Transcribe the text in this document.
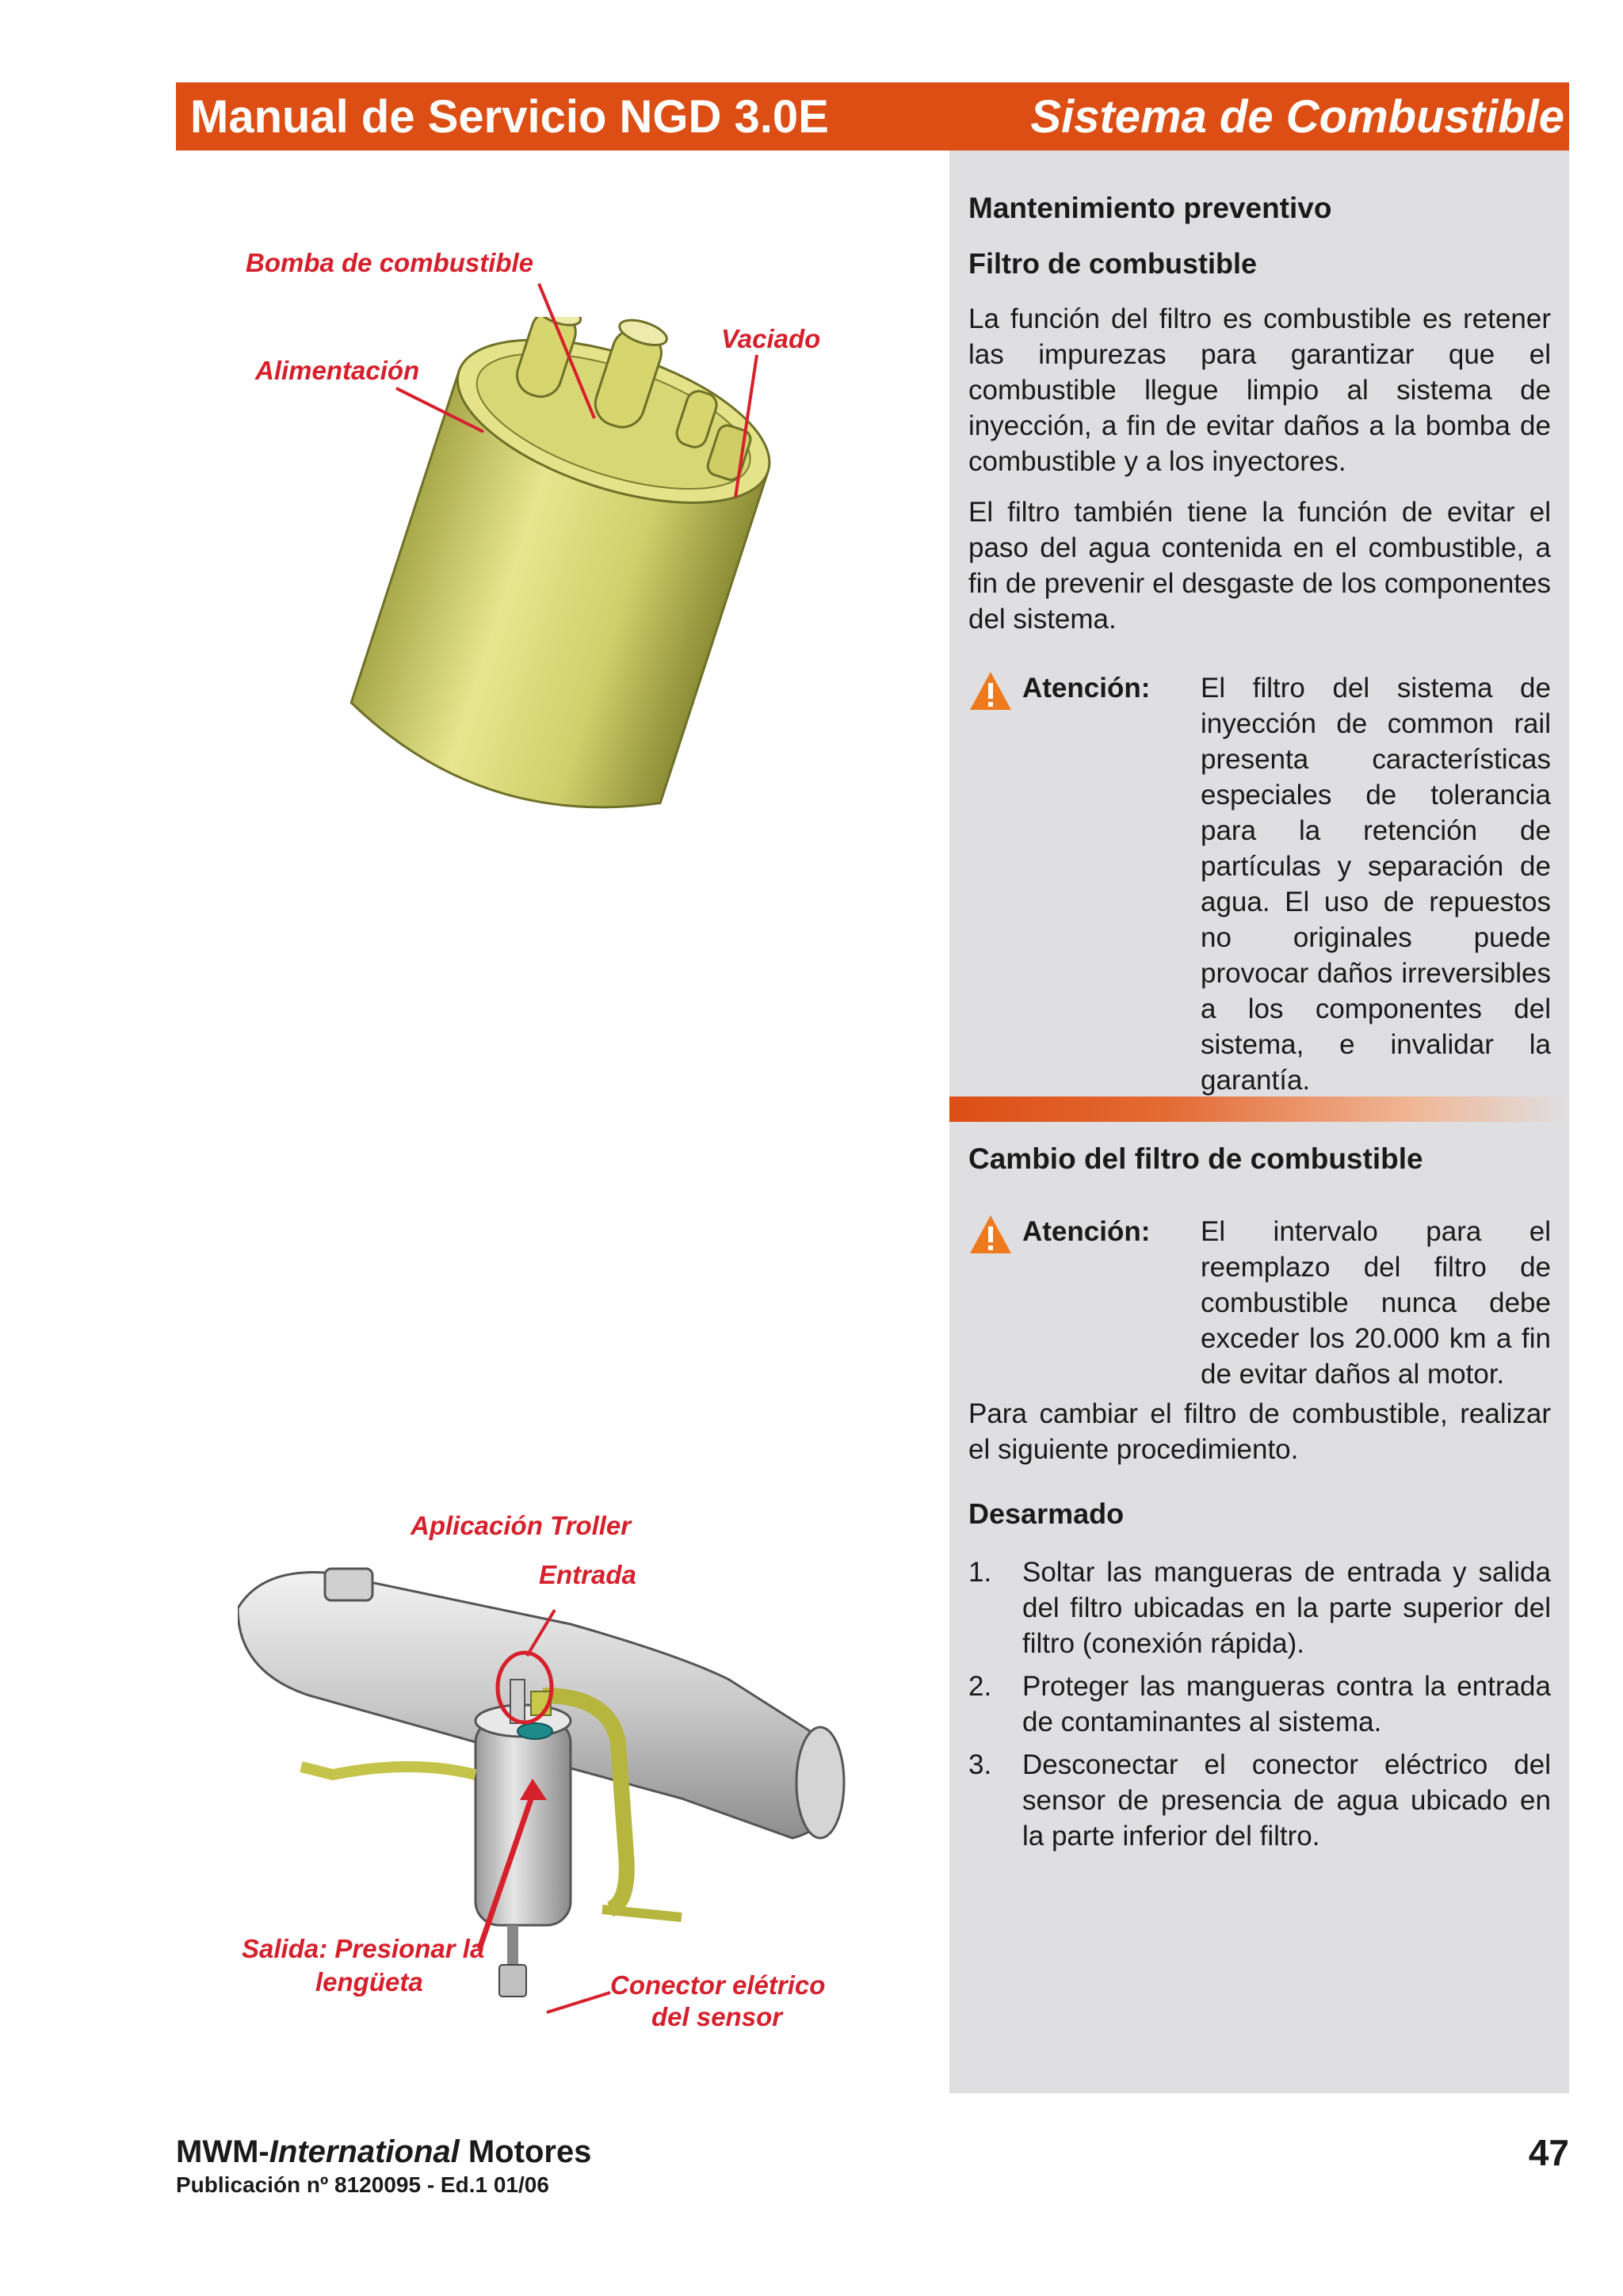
Manual de Servicio NGD 3.0E	Sistema de Combustible
Mantenimiento preventivo
Filtro de combustible
La función del filtro es combustible es retener las impurezas para garantizar que el combustible llegue limpio al sistema de inyección, a fin de evitar daños a la bomba de combustible y a los inyectores.
El filtro también tiene la función de evitar el paso del agua contenida en el combustible, a fin de prevenir el desgaste de los componentes del sistema.
Atención: El filtro del sistema de inyección de common rail presenta características especiales de tolerancia para la retención de partículas y separación de agua. El uso de repuestos no originales puede provocar daños irreversibles a los componentes del sistema, e invalidar la garantía.
Cambio del filtro de combustible
Atención: El intervalo para el reemplazo del filtro de combustible nunca debe exceder los 20.000 km a fin de evitar daños al motor.
Para cambiar el filtro de combustible, realizar el siguiente procedimiento.
Desarmado
1. Soltar las mangueras de entrada y salida del filtro ubicadas en la parte superior del filtro (conexión rápida).
2. Proteger las mangueras contra la entrada de contaminantes al sistema.
3. Desconectar el conector eléctrico del sensor de presencia de agua ubicado en la parte inferior del filtro.
Bomba de combustible
Alimentación
Vaciado
Aplicación Troller
Entrada
Salida: Presionar la
lengüeta	Conector elétrico
del sensor
MWM-International Motores
Publicación nº 8120095 - Ed.1 01/06
47
